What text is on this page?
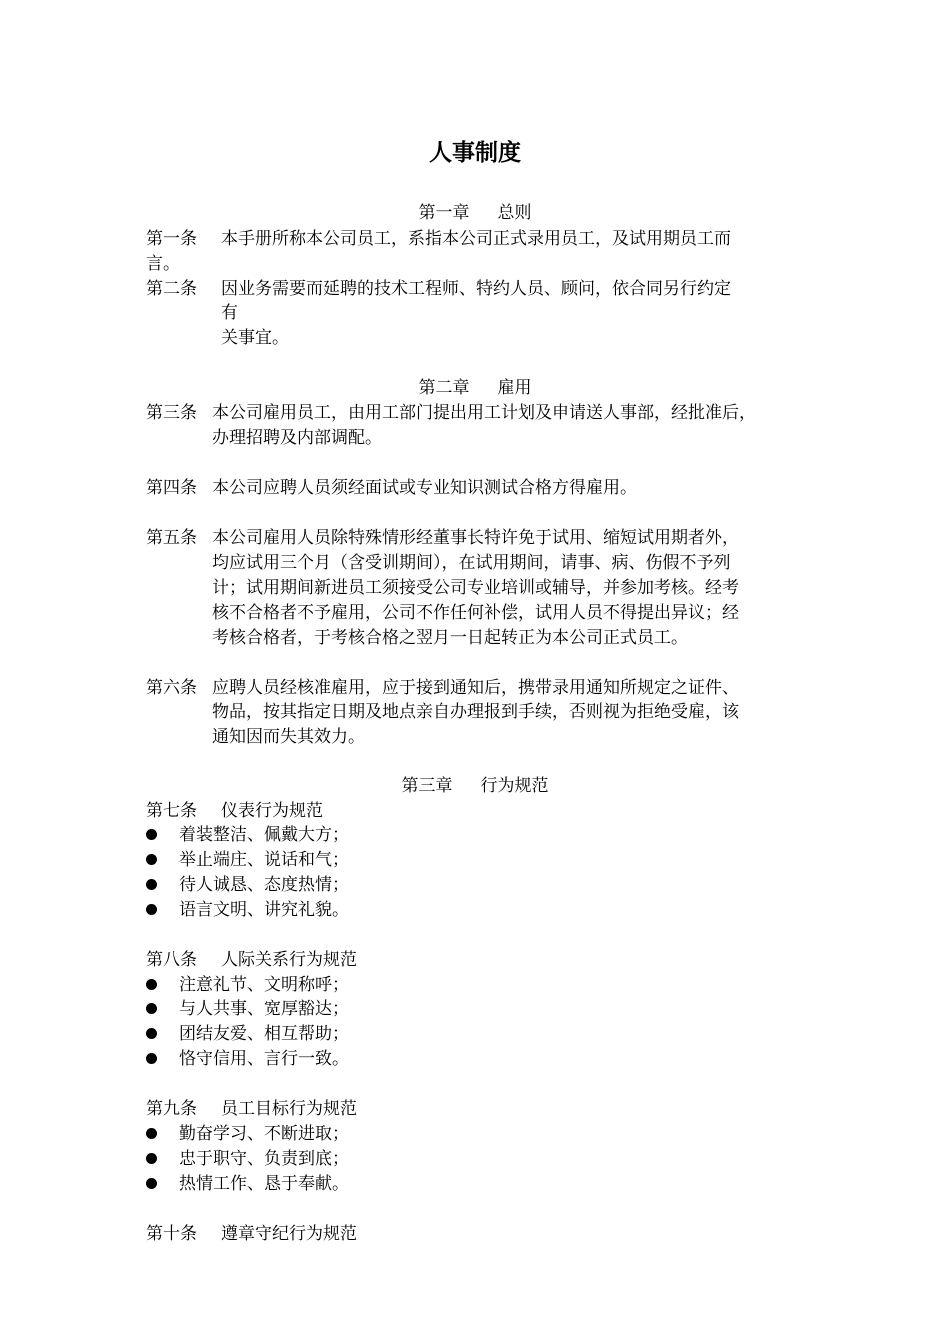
人事制度
第一章 总则
第一条 本手册所称本公司员工，系指本公司正式录用员工，及试用期员工而
言。
第二条 因业务需要而延聘的技术工程师、特约人员、顾问，依合同另行约定
有
关事宜。
第二章 雇用
第三条 本公司雇用员工，由用工部门提出用工计划及申请送人事部，经批准后，
办理招聘及内部调配。
第四条 本公司应聘人员须经面试或专业知识测试合格方得雇用。
第五条 本公司雇用人员除特殊情形经董事长特许免于试用、缩短试用期者外，
均应试用三个月（含受训期间），在试用期间，请事、病、伤假不予列
计；试用期间新进员工须接受公司专业培训或辅导，并参加考核。经考
核不合格者不予雇用，公司不作任何补偿，试用人员不得提出异议；经
考核合格者，于考核合格之翌月一日起转正为本公司正式员工。
第六条 应聘人员经核准雇用，应于接到通知后，携带录用通知所规定之证件、
物品，按其指定日期及地点亲自办理报到手续，否则视为拒绝受雇，该
通知因而失其效力。
第三章 行为规范
第七条 仪表行为规范
着装整洁、佩戴大方；
举止端庄、说话和气；
待人诚恳、态度热情；
语言文明、讲究礼貌。
第八条 人际关系行为规范
注意礼节、文明称呼；
与人共事、宽厚豁达；
团结友爱、相互帮助；
恪守信用、言行一致。
第九条 员工目标行为规范
勤奋学习、不断进取；
忠于职守、负责到底；
热情工作、恳于奉献。
第十条 遵章守纪行为规范
